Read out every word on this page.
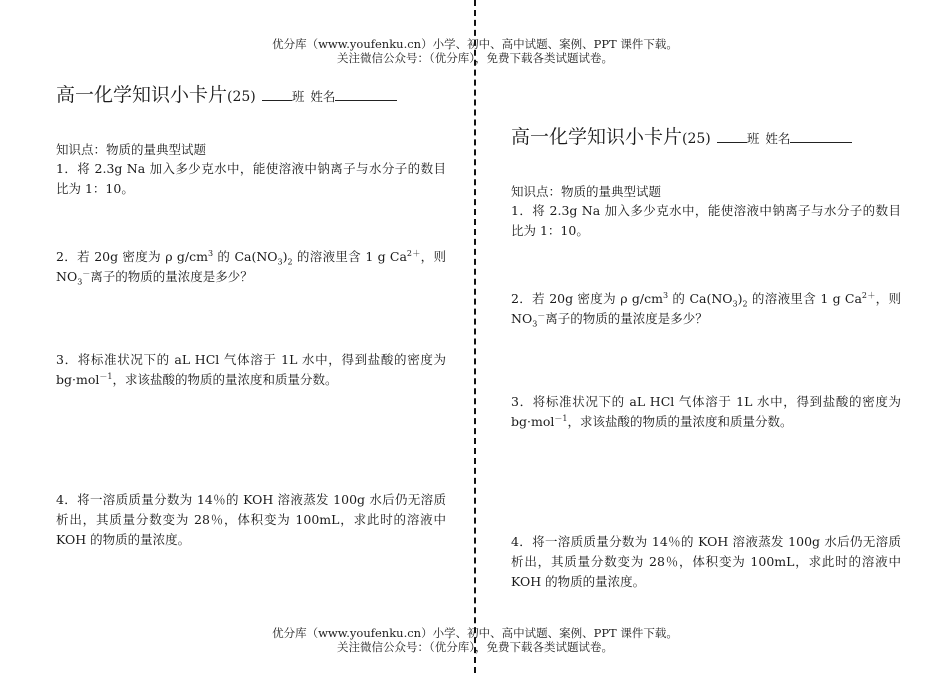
优分库（www.youfenku.cn）小学、初中、高中试题、案例、PPT 课件下载。
关注微信公众号：（优分库），免费下载各类试题试卷。
优分库（www.youfenku.cn）小学、初中、高中试题、案例、PPT 课件下载。
关注微信公众号：（优分库），免费下载各类试题试卷。
高一化学知识小卡片(25)	班 姓名
知识点：物质的量典型试题
1．将 2.3g Na 加入多少克水中，能使溶液中钠离子与水分子的数目比为 1：10。
2．若 20g 密度为 ρ $g/cm^3$ 的 $Ca(NO_3)_2$ 的溶液里含 1 g $Ca^{2+}$，则 $NO_3^-$离子的物质的量浓度是多少？
3．将标准状况下的 aL HCl 气体溶于 1L 水中，得到盐酸的密度为 bg·mol$^{-1}$，求该盐酸的物质的量浓度和质量分数。
4．将一溶质质量分数为 14％的 KOH 溶液蒸发 100g 水后仍无溶质析出，其质量分数变为 28％，体积变为 100mL，求此时的溶液中 KOH 的物质的量浓度。
高一化学知识小卡片(25)	班 姓名
知识点：物质的量典型试题
1．将 2.3g Na 加入多少克水中，能使溶液中钠离子与水分子的数目比为 1：10。
2．若 20g 密度为 ρ $g/cm^3$ 的 $Ca(NO_3)_2$ 的溶液里含 1 g $Ca^{2+}$，则 $NO_3^-$离子的物质的量浓度是多少？
3．将标准状况下的 aL HCl 气体溶于 1L 水中，得到盐酸的密度为 bg·mol$^{-1}$，求该盐酸的物质的量浓度和质量分数。
4．将一溶质质量分数为 14％的 KOH 溶液蒸发 100g 水后仍无溶质析出，其质量分数变为 28％，体积变为 100mL，求此时的溶液中 KOH 的物质的量浓度。
